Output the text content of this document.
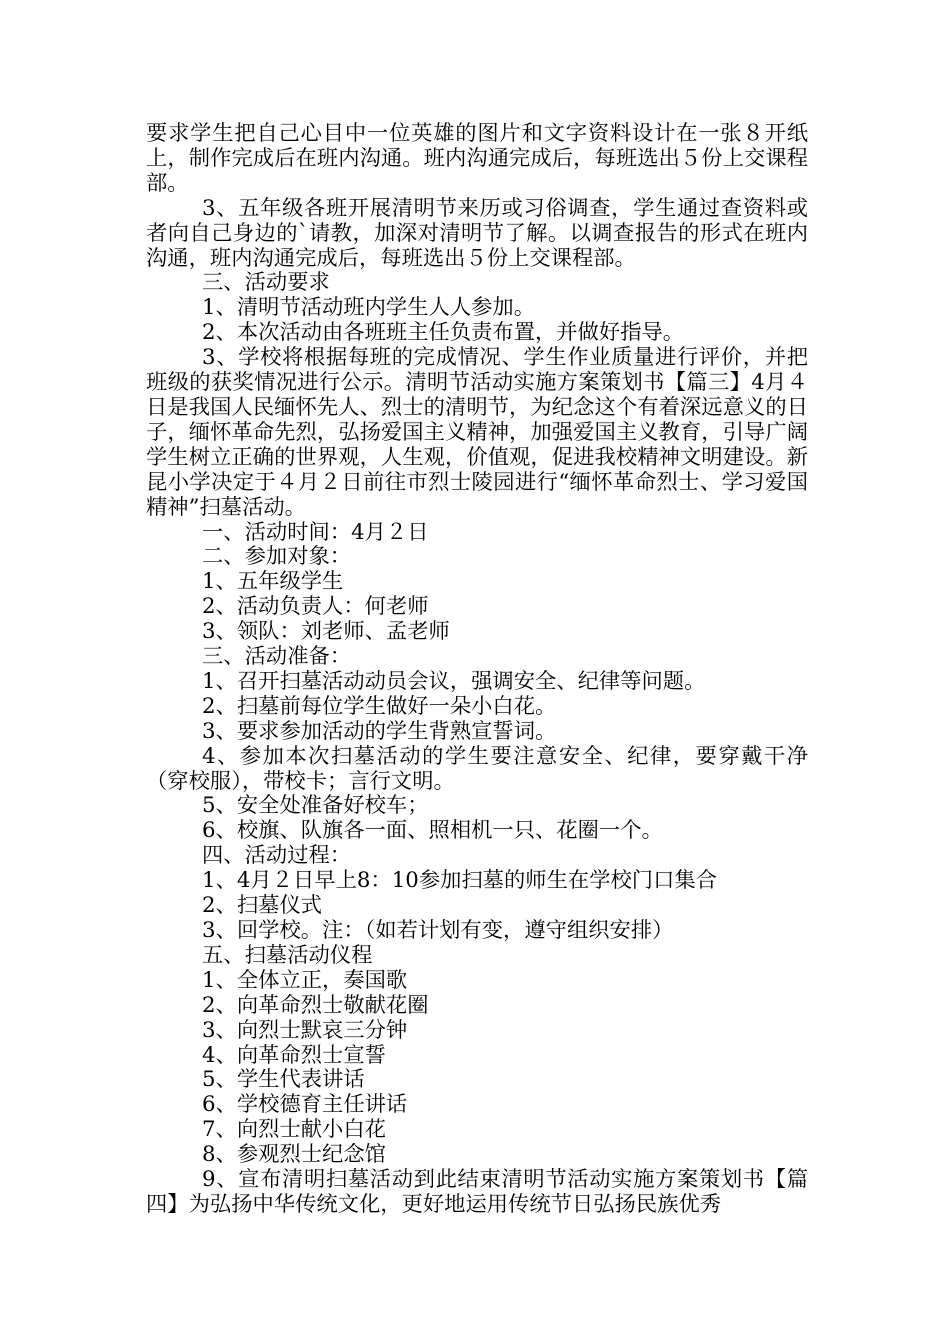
要求学生把自己心目中一位英雄的图片和文字资料设计在一张８开纸上，制作完成后在班内沟通。班内沟通完成后，每班选出５份上交课程部。

3、五年级各班开展清明节来历或习俗调查，学生通过查资料或者向自己身边的`请教，加深对清明节了解。以调查报告的形式在班内沟通，班内沟通完成后，每班选出５份上交课程部。

三、活动要求

1、清明节活动班内学生人人参加。

2、本次活动由各班班主任负责布置，并做好指导。

3、学校将根据每班的完成情况、学生作业质量进行评价，并把班级的获奖情况进行公示。清明节活动实施方案策划书【篇三】4月４日是我国人民缅怀先人、烈士的清明节，为纪念这个有着深远意义的日子，缅怀革命先烈，弘扬爱国主义精神，加强爱国主义教育，引导广阔学生树立正确的世界观，人生观，价值观，促进我校精神文明建设。新昆小学决定于４月２日前往市烈士陵园进行“缅怀革命烈士、学习爱国精神”扫墓活动。

一、活动时间：4月２日

二、参加对象：

1、五年级学生

2、活动负责人：何老师

3、领队：刘老师、孟老师

三、活动准备：

1、召开扫墓活动动员会议，强调安全、纪律等问题。

2、扫墓前每位学生做好一朵小白花。

3、要求参加活动的学生背熟宣誓词。

4、参加本次扫墓活动的学生要注意安全、纪律，要穿戴干净（穿校服），带校卡；言行文明。

5、安全处准备好校车；

6、校旗、队旗各一面、照相机一只、花圈一个。

四、活动过程：

1、4月２日早上8：10参加扫墓的师生在学校门口集合

2、扫墓仪式

3、回学校。注：（如若计划有变，遵守组织安排）

五、扫墓活动仪程

1、全体立正，奏国歌

2、向革命烈士敬献花圈

3、向烈士默哀三分钟

4、向革命烈士宣誓

5、学生代表讲话

6、学校德育主任讲话

7、向烈士献小白花

8、参观烈士纪念馆

9、宣布清明扫墓活动到此结束清明节活动实施方案策划书【篇四】为弘扬中华传统文化，更好地运用传统节日弘扬民族优秀
